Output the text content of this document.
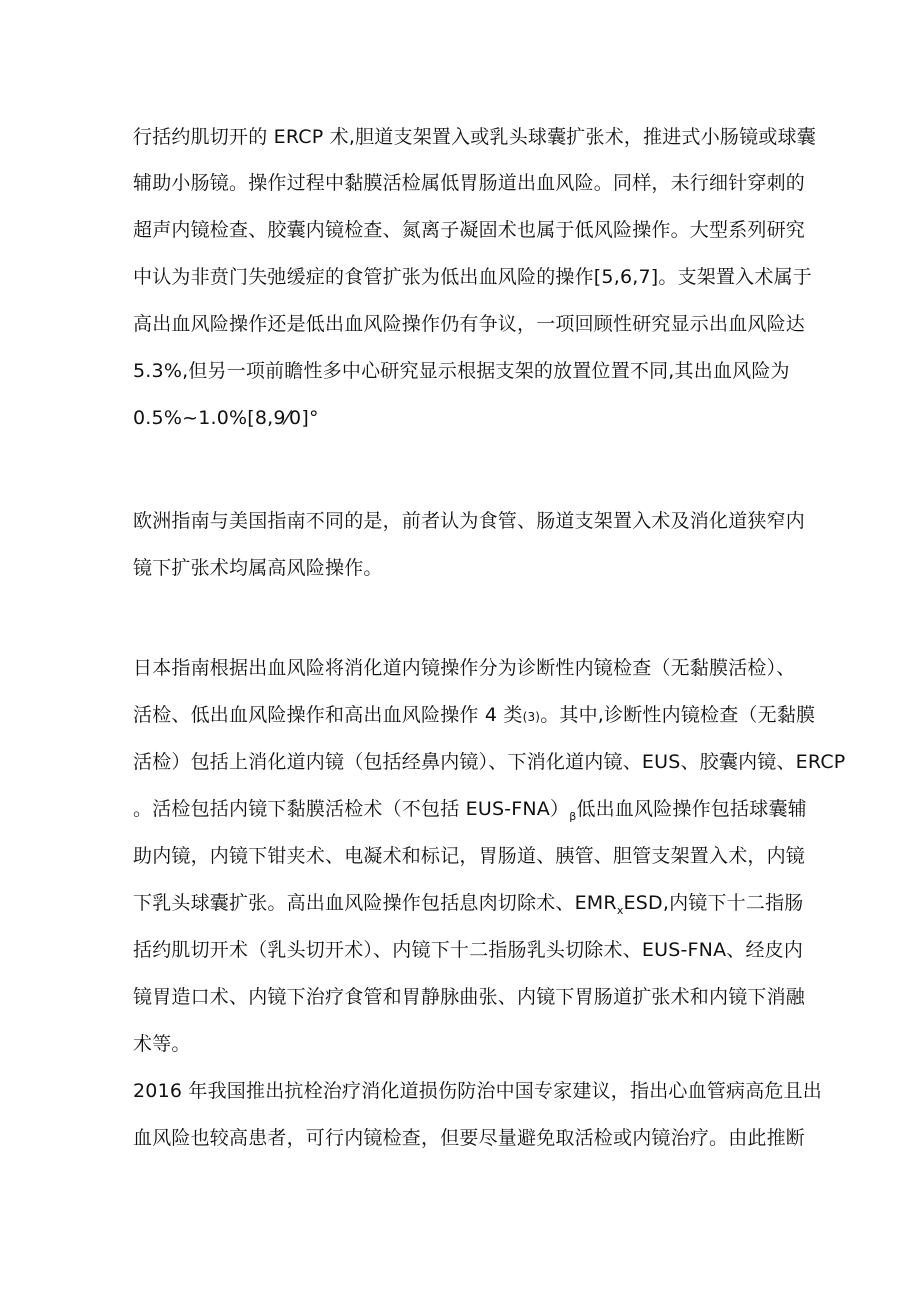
行括约肌切开的 ERCP 术,胆道支架置入或乳头球囊扩张术，推进式小肠镜或球囊
辅助小肠镜。操作过程中黏膜活检属低胃肠道出血风险。同样，未行细针穿刺的
超声内镜检查、胶囊内镜检查、氮离子凝固术也属于低风险操作。大型系列研究
中认为非贲门失弛缓症的食管扩张为低出血风险的操作[5,6,7]。支架置入术属于
高出血风险操作还是低出血风险操作仍有争议，一项回顾性研究显示出血风险达
5.3%,但另一项前瞻性多中心研究显示根据支架的放置位置不同,其出血风险为
0.5%~1.0%[8,9⁄0]°
欧洲指南与美国指南不同的是，前者认为食管、肠道支架置入术及消化道狭窄内
镜下扩张术均属高风险操作。
日本指南根据出血风险将消化道内镜操作分为诊断性内镜检查（无黏膜活检）、
活检、低出血风险操作和高出血风险操作 4 类(3)。其中,诊断性内镜检查（无黏膜
活检）包括上消化道内镜（包括经鼻内镜）、下消化道内镜、EUS、胶囊内镜、ERCP
。活检包括内镜下黏膜活检术（不包括 EUS-$FNA)_\beta$低出血风险操作包括球囊辅
助内镜，内镜下钳夹术、电凝术和标记，胃肠道、胰管、胆管支架置入术，内镜
下乳头球囊扩张。高出血风险操作包括息肉切除术、$EMR_xESD$,内镜下十二指肠
括约肌切开术（乳头切开术）、内镜下十二指肠乳头切除术、EUS-FNA、经皮内
镜胃造口术、内镜下治疗食管和胃静脉曲张、内镜下胃肠道扩张术和内镜下消融
术等。
2016 年我国推出抗栓治疗消化道损伤防治中国专家建议，指出心血管病高危且出
血风险也较高患者，可行内镜检查，但要尽量避免取活检或内镜治疗。由此推断
